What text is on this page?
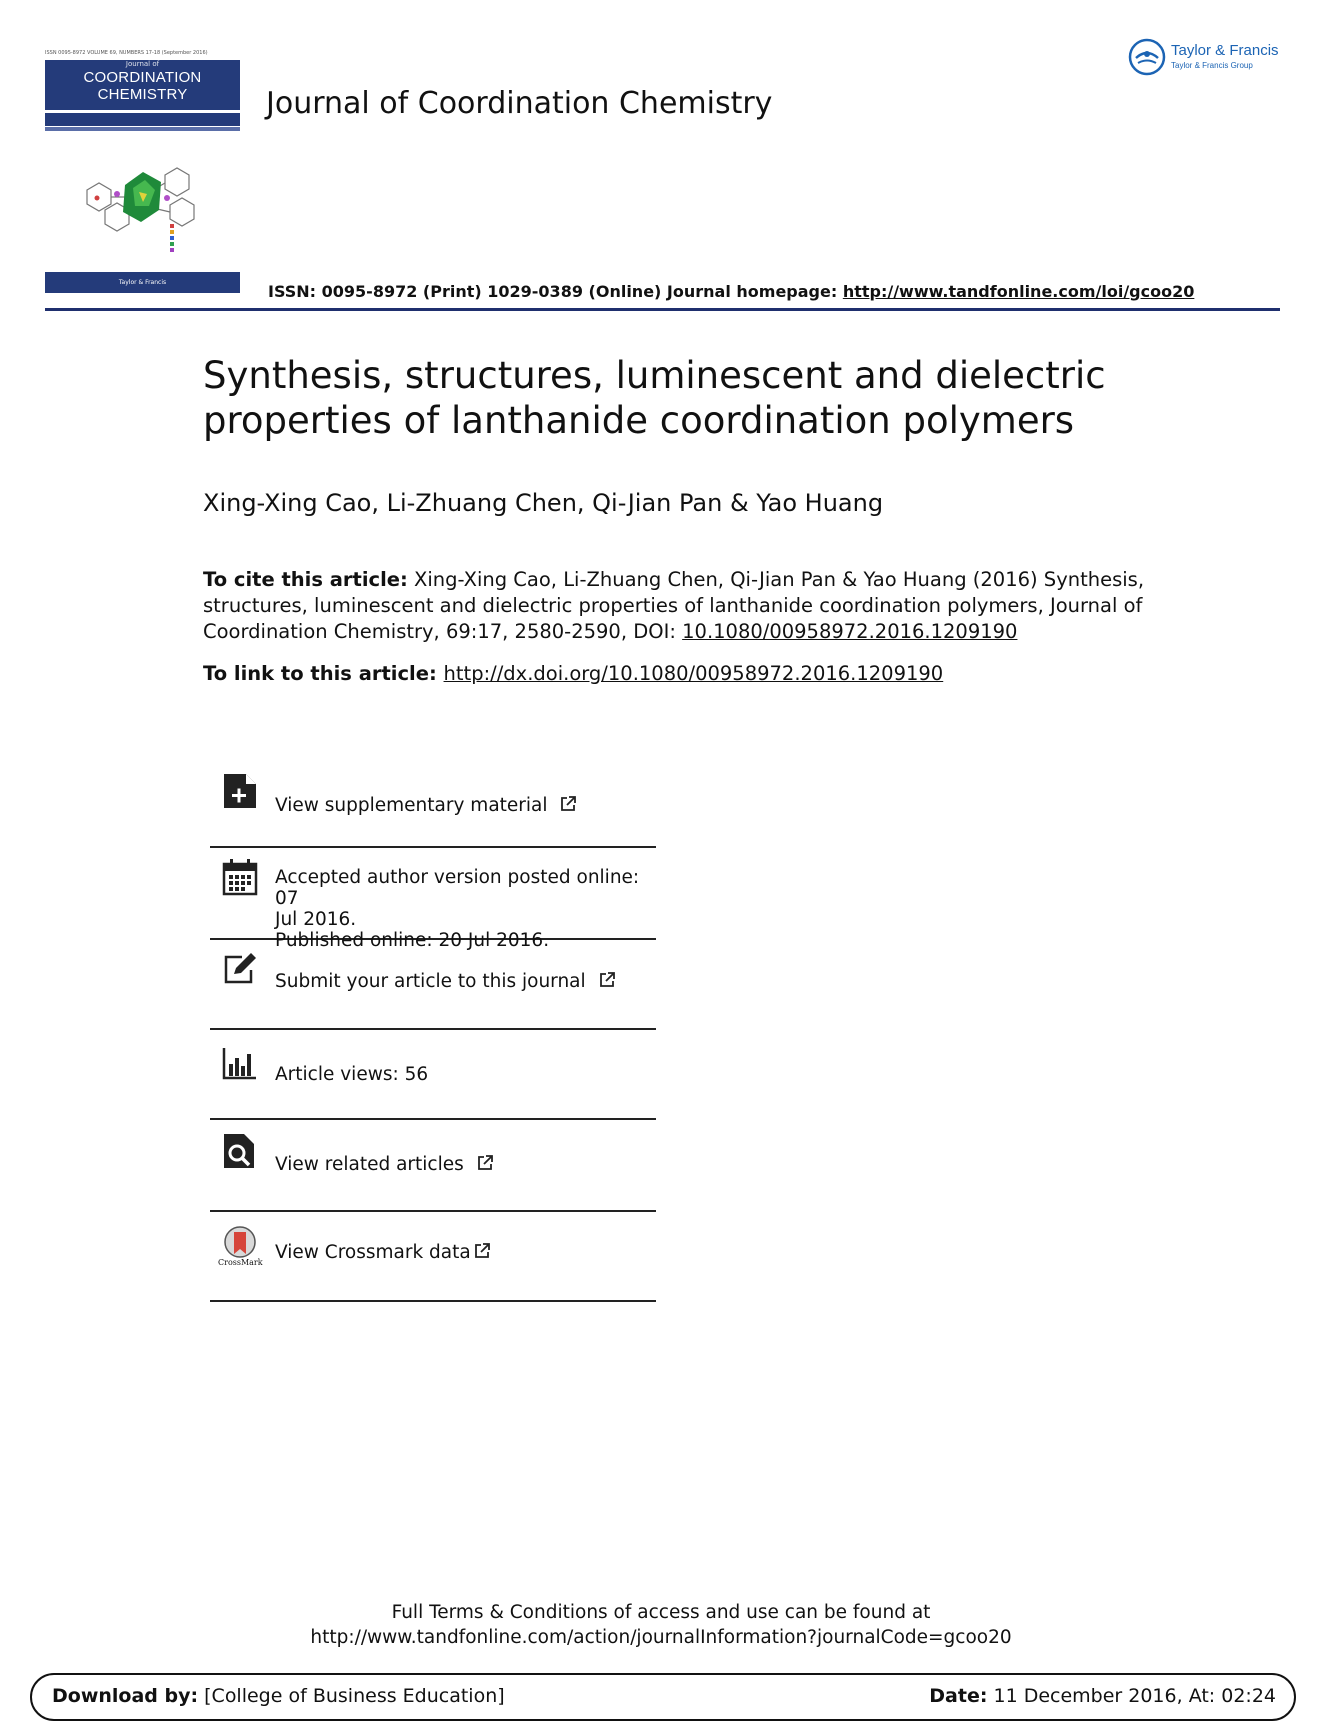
ISSN 0095-8972 VOLUME 69, NUMBERS 17-18 (September 2016)
Journal of
COORDINATION
CHEMISTRY
Taylor & Francis
Journal of Coordination Chemistry
Taylor & Francis
Taylor & Francis Group
ISSN: 0095-8972 (Print) 1029-0389 (Online) Journal homepage: http://www.tandfonline.com/loi/gcoo20
Synthesis, structures, luminescent and dielectric
properties of lanthanide coordination polymers
Xing-Xing Cao, Li-Zhuang Chen, Qi-Jian Pan & Yao Huang
To cite this article: Xing-Xing Cao, Li-Zhuang Chen, Qi-Jian Pan & Yao Huang (2016) Synthesis, structures, luminescent and dielectric properties of lanthanide coordination polymers, Journal of Coordination Chemistry, 69:17, 2580-2590, DOI: 10.1080/00958972.2016.1209190
To link to this article: http://dx.doi.org/10.1080/00958972.2016.1209190
View supplementary material
Accepted author version posted online: 07
Jul 2016.
Published online: 20 Jul 2016.
Submit your article to this journal
Article views: 56
View related articles
CrossMark View Crossmark data
Full Terms & Conditions of access and use can be found at
http://www.tandfonline.com/action/journalInformation?journalCode=gcoo20
Download by: [College of Business Education]	Date: 11 December 2016, At: 02:24
